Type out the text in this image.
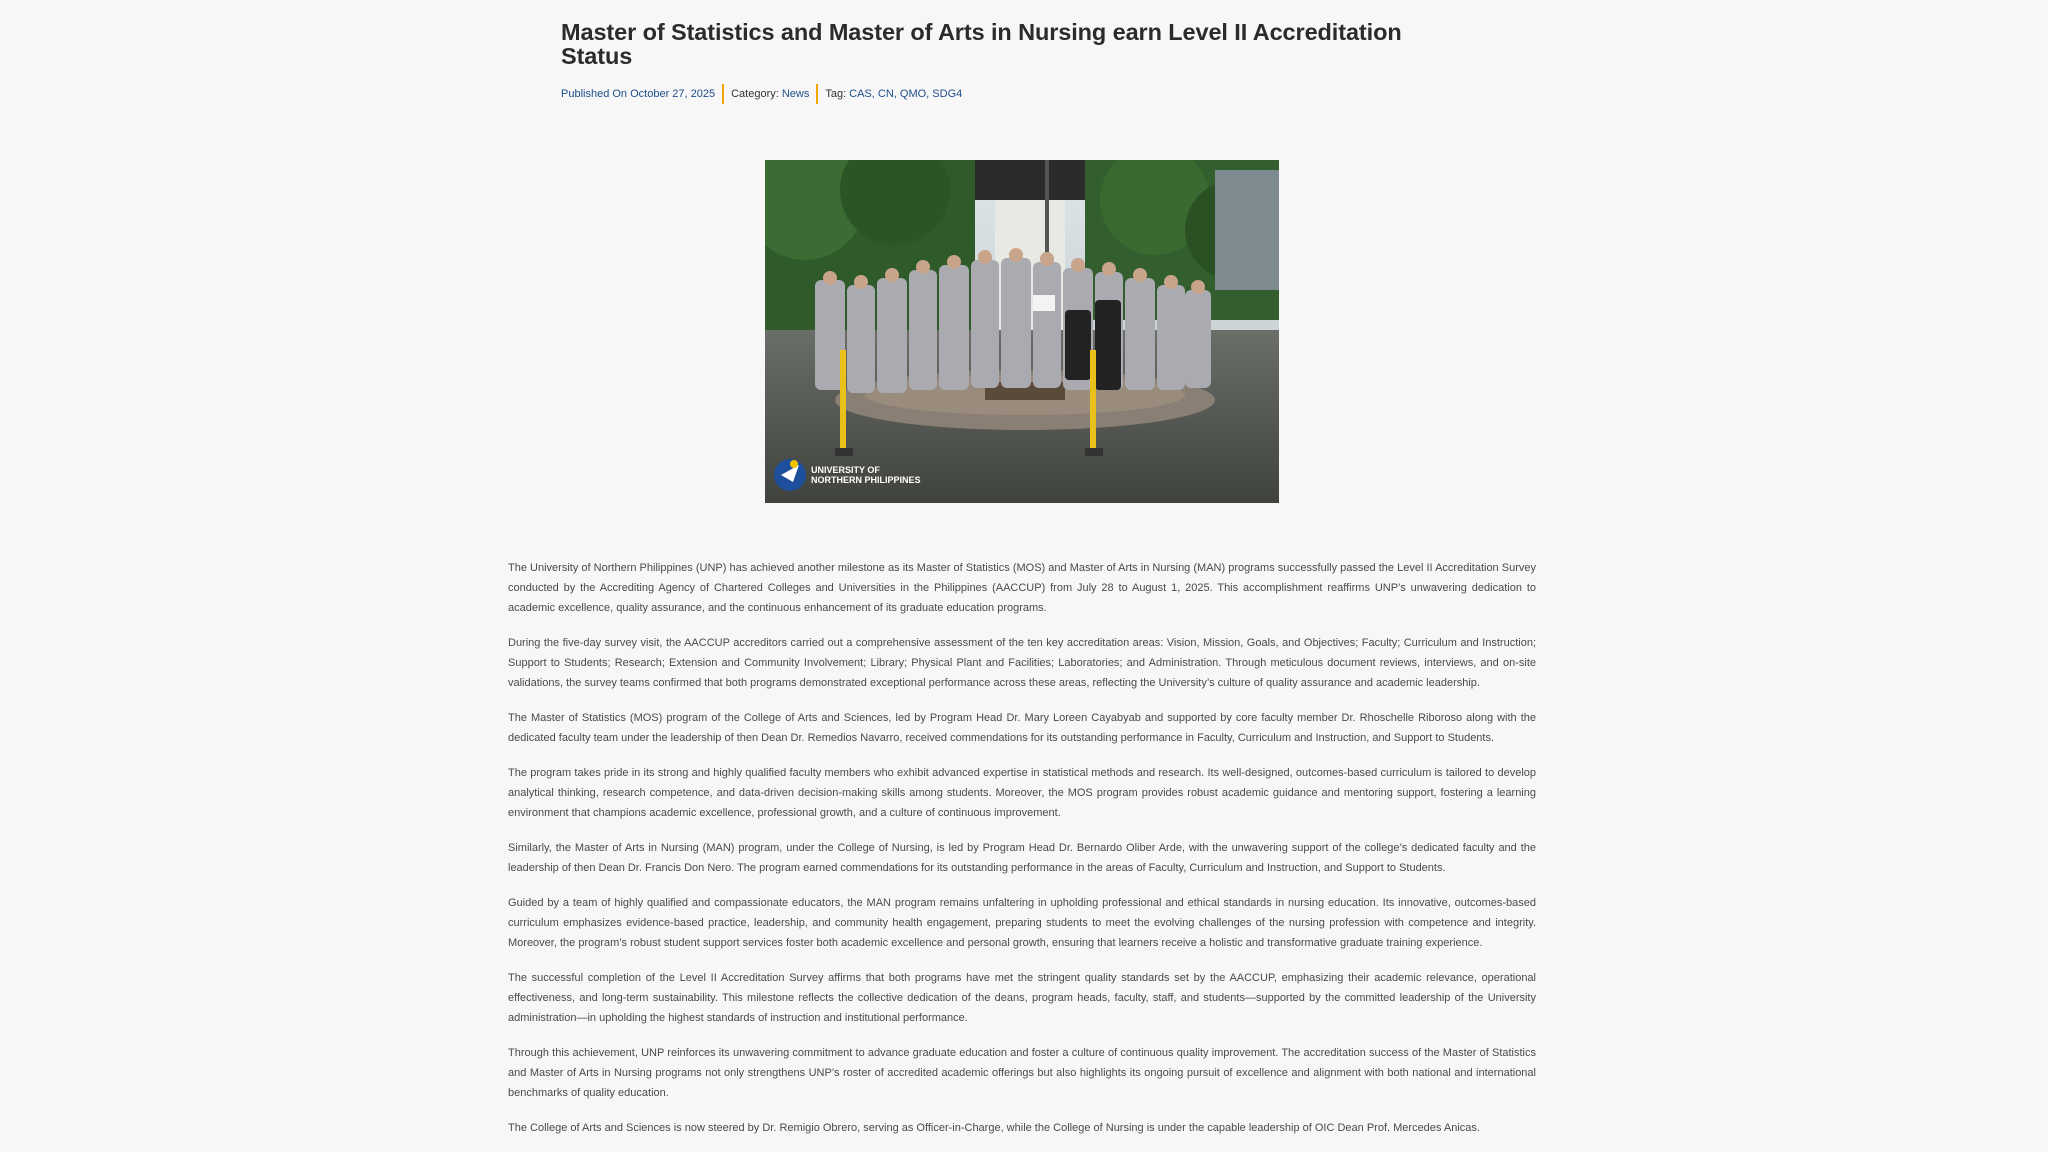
Master of Statistics and Master of Arts in Nursing earn Level II Accreditation Status
Published On October 27, 2025 Category: News Tag: CAS ,
CN ,
QMO ,
SDG4
UNIVERSITY OF
NORTHERN PHILIPPINES

The University of Northern Philippines (UNP) has achieved another milestone as its Master of Statistics (MOS) and Master of Arts in Nursing (MAN) programs successfully passed the Level II Accreditation Survey conducted by the Accrediting Agency of Chartered Colleges and Universities in the Philippines (AACCUP) from July 28 to August 1, 2025. This accomplishment reaffirms UNP’s unwavering dedication to academic excellence, quality assurance, and the continuous enhancement of its graduate education programs.

During the five-day survey visit, the AACCUP accreditors carried out a comprehensive assessment of the ten key accreditation areas: Vision, Mission, Goals, and Objectives; Faculty; Curriculum and Instruction; Support to Students; Research; Extension and Community Involvement; Library; Physical Plant and Facilities; Laboratories; and Administration. Through meticulous document reviews, interviews, and on-site validations, the survey teams confirmed that both programs demonstrated exceptional performance across these areas, reflecting the University’s culture of quality assurance and academic leadership.

The Master of Statistics (MOS) program of the College of Arts and Sciences, led by Program Head Dr. Mary Loreen Cayabyab and supported by core faculty member Dr. Rhoschelle Riboroso along with the dedicated faculty team under the leadership of then Dean Dr. Remedios Navarro, received commendations for its outstanding performance in Faculty, Curriculum and Instruction, and Support to Students.

The program takes pride in its strong and highly qualified faculty members who exhibit advanced expertise in statistical methods and research. Its well-designed, outcomes-based curriculum is tailored to develop analytical thinking, research competence, and data-driven decision-making skills among students. Moreover, the MOS program provides robust academic guidance and mentoring support, fostering a learning environment that champions academic excellence, professional growth, and a culture of continuous improvement.

Similarly, the Master of Arts in Nursing (MAN) program, under the College of Nursing, is led by Program Head Dr. Bernardo Oliber Arde, with the unwavering support of the college’s dedicated faculty and the leadership of then Dean Dr. Francis Don Nero. The program earned commendations for its outstanding performance in the areas of Faculty, Curriculum and Instruction, and Support to Students.

Guided by a team of highly qualified and compassionate educators, the MAN program remains unfaltering in upholding professional and ethical standards in nursing education. Its innovative, outcomes-based curriculum emphasizes evidence-based practice, leadership, and community health engagement, preparing students to meet the evolving challenges of the nursing profession with competence and integrity. Moreover, the program’s robust student support services foster both academic excellence and personal growth, ensuring that learners receive a holistic and transformative graduate training experience.

The successful completion of the Level II Accreditation Survey affirms that both programs have met the stringent quality standards set by the AACCUP, emphasizing their academic relevance, operational effectiveness, and long-term sustainability. This milestone reflects the collective dedication of the deans, program heads, faculty, staff, and students—supported by the committed leadership of the University administration—in upholding the highest standards of instruction and institutional performance.

Through this achievement, UNP reinforces its unwavering commitment to advance graduate education and foster a culture of continuous quality improvement. The accreditation success of the Master of Statistics and Master of Arts in Nursing programs not only strengthens UNP’s roster of accredited academic offerings but also highlights its ongoing pursuit of excellence and alignment with both national and international benchmarks of quality education.

The College of Arts and Sciences is now steered by Dr. Remigio Obrero, serving as Officer-in-Charge, while the College of Nursing is under the capable leadership of OIC Dean Prof. Mercedes Anicas.
